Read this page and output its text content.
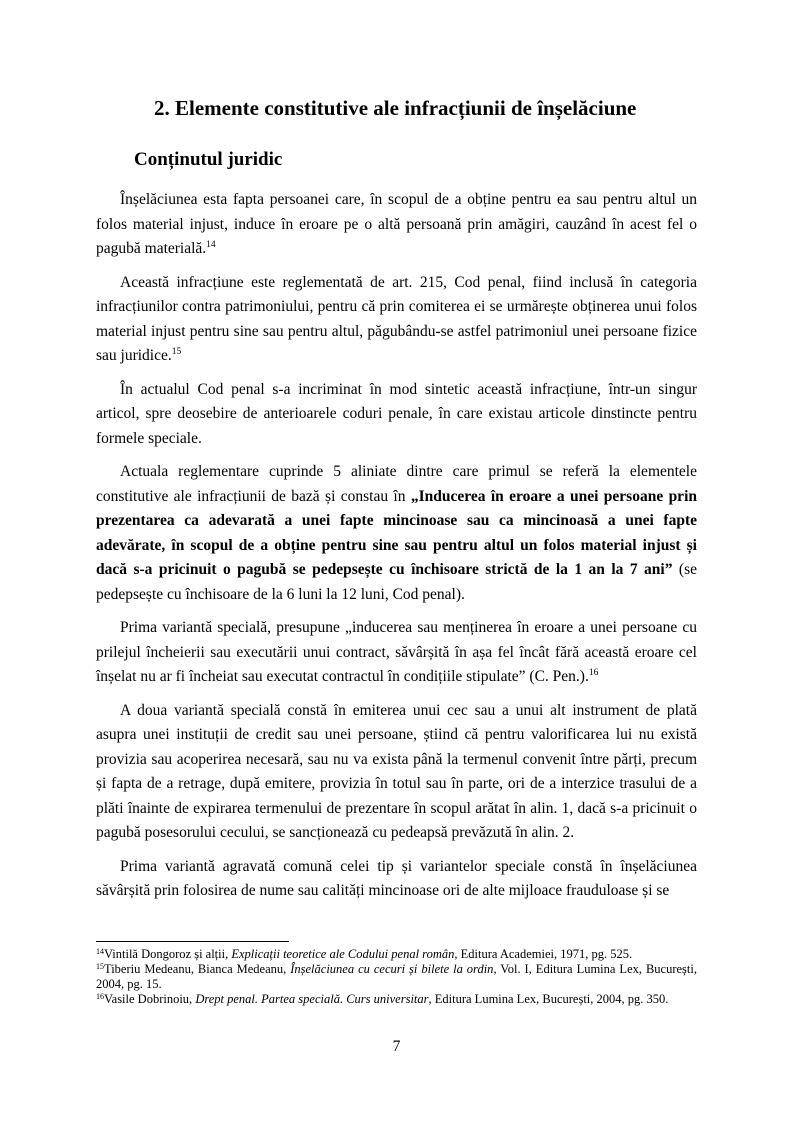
2. Elemente constitutive ale infracțiunii de înșelăciune
Conținutul juridic

Înșelăciunea esta fapta persoanei care, în scopul de a obține pentru ea sau pentru altul un folos material injust, induce în eroare pe o altă persoană prin amăgiri, cauzând în acest fel o pagubă materială.$^{14}$

Această infracțiune este reglementată de art. 215, Cod penal, fiind inclusă în categoria infracțiunilor contra patrimoniului, pentru că prin comiterea ei se urmărește obținerea unui folos material injust pentru sine sau pentru altul, păgubându-se astfel patrimoniul unei persoane fizice sau juridice.$^{15}$

În actualul Cod penal s-a incriminat în mod sintetic această infracțiune, într-un singur articol, spre deosebire de anterioarele coduri penale, în care existau articole dinstincte pentru formele speciale.

Actuala reglementare cuprinde 5 aliniate dintre care primul se referă la elementele constitutive ale infracțiunii de bază și constau în „Inducerea în eroare a unei persoane prin prezentarea ca adevarată a unei fapte mincinoase sau ca mincinoasă a unei fapte adevărate, în scopul de a obține pentru sine sau pentru altul un folos material injust și dacă s-a pricinuit o pagubă se pedepsește cu închisoare strictă de la 1 an la 7 ani” (se pedepsește cu închisoare de la 6 luni la 12 luni, Cod penal).

Prima variantă specială, presupune „inducerea sau menținerea în eroare a unei persoane cu prilejul încheierii sau executării unui contract, săvârșită în așa fel încât fără această eroare cel înșelat nu ar fi încheiat sau executat contractul în condițiile stipulate” (C. Pen.).$^{16}$

A doua variantă specială constă în emiterea unui cec sau a unui alt instrument de plată asupra unei instituții de credit sau unei persoane, știind că pentru valorificarea lui nu există provizia sau acoperirea necesară, sau nu va exista până la termenul convenit între părți, precum și fapta de a retrage, după emitere, provizia în totul sau în parte, ori de a interzice trasului de a plăti înainte de expirarea termenului de prezentare în scopul arătat în alin. 1, dacă s-a pricinuit o pagubă posesorului cecului, se sancționează cu pedeapsă prevăzută în alin. 2.

Prima variantă agravată comună celei tip și variantelor speciale constă în înșelăciunea săvârșită prin folosirea de nume sau calități mincinoase ori de alte mijloace frauduloase și se

$^{14}$Vintilă Dongoroz și alții, Explicații teoretice ale Codului penal român, Editura Academiei, 1971, pg. 525.

$^{15}$Tiberiu Medeanu, Bianca Medeanu, Înșelăciunea cu cecuri și bilete la ordin, Vol. I, Editura Lumina Lex, București, 2004, pg. 15.

$^{16}$Vasile Dobrinoiu, Drept penal. Partea specială. Curs universitar, Editura Lumina Lex, București, 2004, pg. 350.

7
